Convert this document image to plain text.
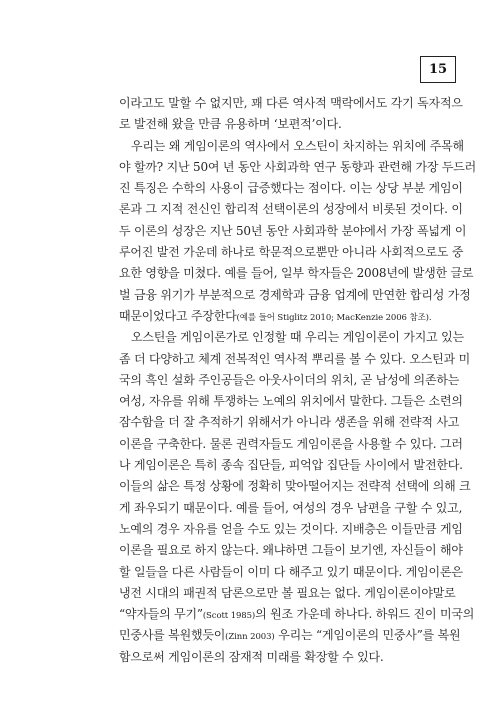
15
이라고도 말할 수 없지만, 꽤 다른 역사적 맥락에서도 각기 독자적으
로 발전해 왔을 만큼 유용하며 ‘보편적’이다.
우리는 왜 게임이론의 역사에서 오스틴이 차지하는 위치에 주목해
야 할까? 지난 50여 년 동안 사회과학 연구 동향과 관련해 가장 두드러
진 특징은 수학의 사용이 급증했다는 점이다. 이는 상당 부분 게임이
론과 그 지적 전신인 합리적 선택이론의 성장에서 비롯된 것이다. 이
두 이론의 성장은 지난 50년 동안 사회과학 분야에서 가장 폭넓게 이
루어진 발전 가운데 하나로 학문적으로뿐만 아니라 사회적으로도 중
요한 영향을 미쳤다. 예를 들어, 일부 학자들은 2008년에 발생한 글로
벌 금융 위기가 부분적으로 경제학과 금융 업계에 만연한 합리성 가정
때문이었다고 주장한다(예를 들어 Stiglitz 2010; MacKenzie 2006 참조).
오스틴을 게임이론가로 인정할 때 우리는 게임이론이 가지고 있는
좀 더 다양하고 체계 전복적인 역사적 뿌리를 볼 수 있다. 오스틴과 미
국의 흑인 설화 주인공들은 아웃사이더의 위치, 곧 남성에 의존하는
여성, 자유를 위해 투쟁하는 노예의 위치에서 말한다. 그들은 소련의
잠수함을 더 잘 추적하기 위해서가 아니라 생존을 위해 전략적 사고
이론을 구축한다. 물론 권력자들도 게임이론을 사용할 수 있다. 그러
나 게임이론은 특히 종속 집단들, 피억압 집단들 사이에서 발전한다.
이들의 삶은 특정 상황에 정확히 맞아떨어지는 전략적 선택에 의해 크
게 좌우되기 때문이다. 예를 들어, 여성의 경우 남편을 구할 수 있고,
노예의 경우 자유를 얻을 수도 있는 것이다. 지배층은 이들만큼 게임
이론을 필요로 하지 않는다. 왜냐하면 그들이 보기엔, 자신들이 해야
할 일들을 다른 사람들이 이미 다 해주고 있기 때문이다. 게임이론은
냉전 시대의 패권적 담론으로만 볼 필요는 없다. 게임이론이야말로
“약자들의 무기”(Scott 1985)의 원조 가운데 하나다. 하워드 진이 미국의
민중사를 복원했듯이(Zinn 2003) 우리는 “게임이론의 민중사”를 복원
함으로써 게임이론의 잠재적 미래를 확장할 수 있다.
